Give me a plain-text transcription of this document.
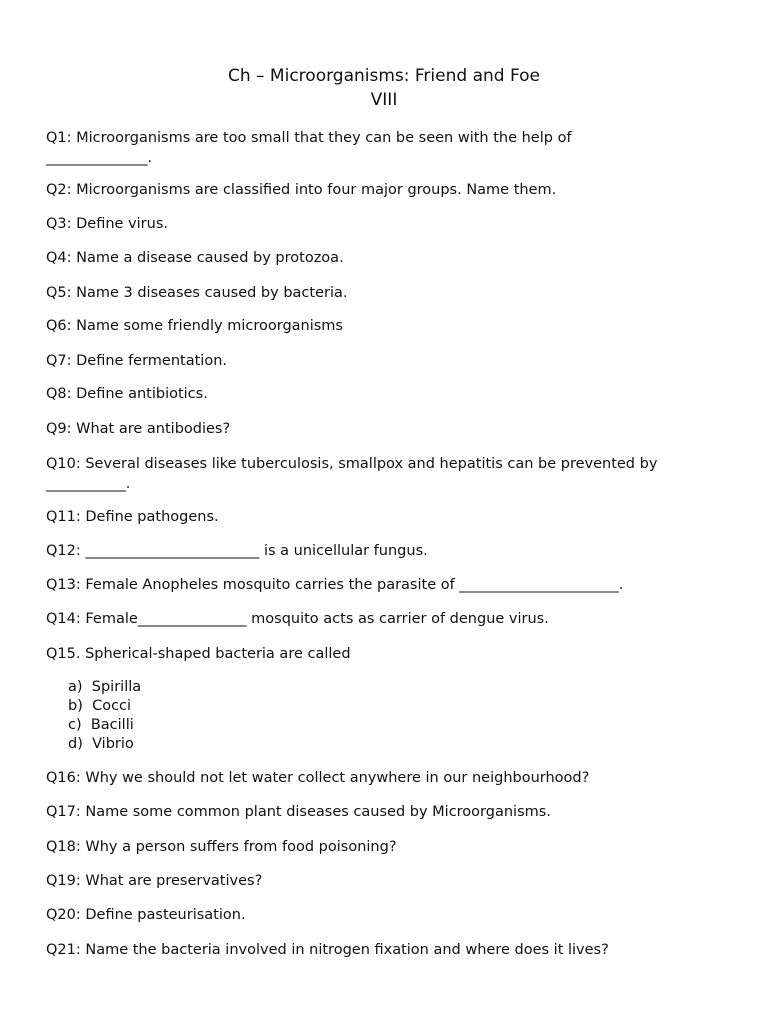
Ch – Microorganisms: Friend and Foe
VIII
Q1: Microorganisms are too small that they can be seen with the help of
______________.
Q2: Microorganisms are classified into four major groups. Name them.
Q3: Define virus.
Q4: Name a disease caused by protozoa.
Q5: Name 3 diseases caused by bacteria.
Q6: Name some friendly microorganisms
Q7: Define fermentation.
Q8: Define antibiotics.
Q9: What are antibodies?
Q10: Several diseases like tuberculosis, smallpox and hepatitis can be prevented by
___________.
Q11: Define pathogens.
Q12: ________________________ is a unicellular fungus.
Q13: Female Anopheles mosquito carries the parasite of ______________________.
Q14: Female_______________ mosquito acts as carrier of dengue virus.
Q15. Spherical-shaped bacteria are called
a)  Spirilla
b)  Cocci
c)  Bacilli
d)  Vibrio
Q16: Why we should not let water collect anywhere in our neighbourhood?
Q17: Name some common plant diseases caused by Microorganisms.
Q18: Why a person suffers from food poisoning?
Q19: What are preservatives?
Q20: Define pasteurisation.
Q21: Name the bacteria involved in nitrogen fixation and where does it lives?
